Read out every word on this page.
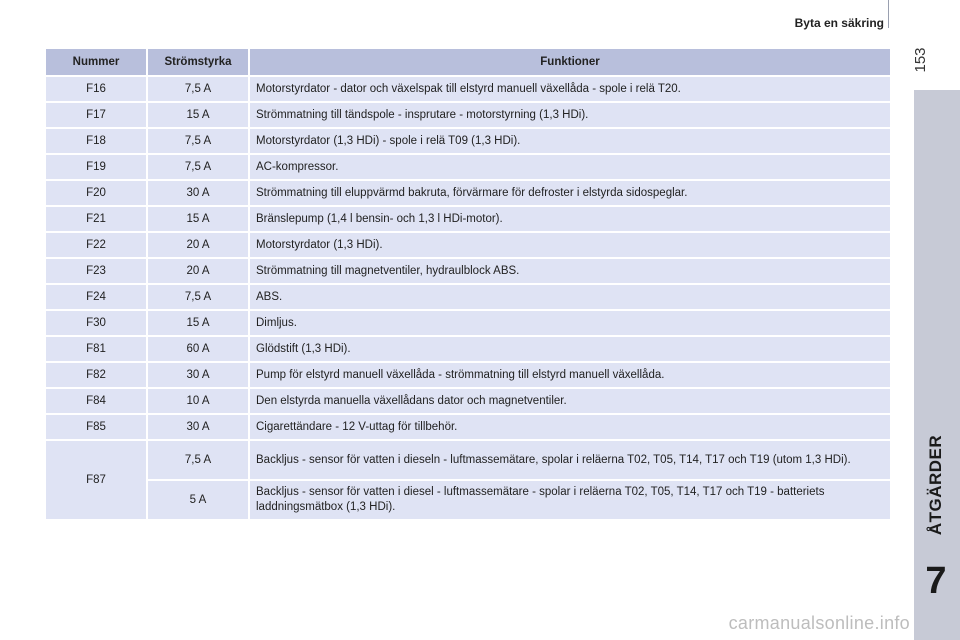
Byta en säkring
153
ÅTGÄRDER
7
carmanualsonline.info
Nummer	Strömstyrka	Funktioner
F16	7,5 A	Motorstyrdator - dator och växelspak till elstyrd manuell växellåda - spole i relä T20.
F17	15 A	Strömmatning till tändspole - insprutare - motorstyrning (1,3 HDi).
F18	7,5 A	Motorstyrdator (1,3 HDi) - spole i relä T09 (1,3 HDi).
F19	7,5 A	AC-kompressor.
F20	30 A	Strömmatning till eluppvärmd bakruta, förvärmare för defroster i elstyrda sidospeglar.
F21	15 A	Bränslepump (1,4 l bensin- och 1,3 l HDi-motor).
F22	20 A	Motorstyrdator (1,3 HDi).
F23	20 A	Strömmatning till magnetventiler, hydraulblock ABS.
F24	7,5 A	ABS.
F30	15 A	Dimljus.
F81	60 A	Glödstift (1,3 HDi).
F82	30 A	Pump för elstyrd manuell växellåda - strömmatning till elstyrd manuell växellåda.
F84	10 A	Den elstyrda manuella växellådans dator och magnetventiler.
F85	30 A	Cigarettändare - 12 V-uttag för tillbehör.
F87	7,5 A	Backljus - sensor för vatten i dieseln - luftmassemätare, spolar i reläerna T02, T05, T14, T17 och T19 (utom 1,3 HDi).
	5 A	Backljus - sensor för vatten i diesel - luftmassemätare - spolar i reläerna T02, T05, T14, T17 och T19 - batteriets laddningsmätbox (1,3 HDi).
